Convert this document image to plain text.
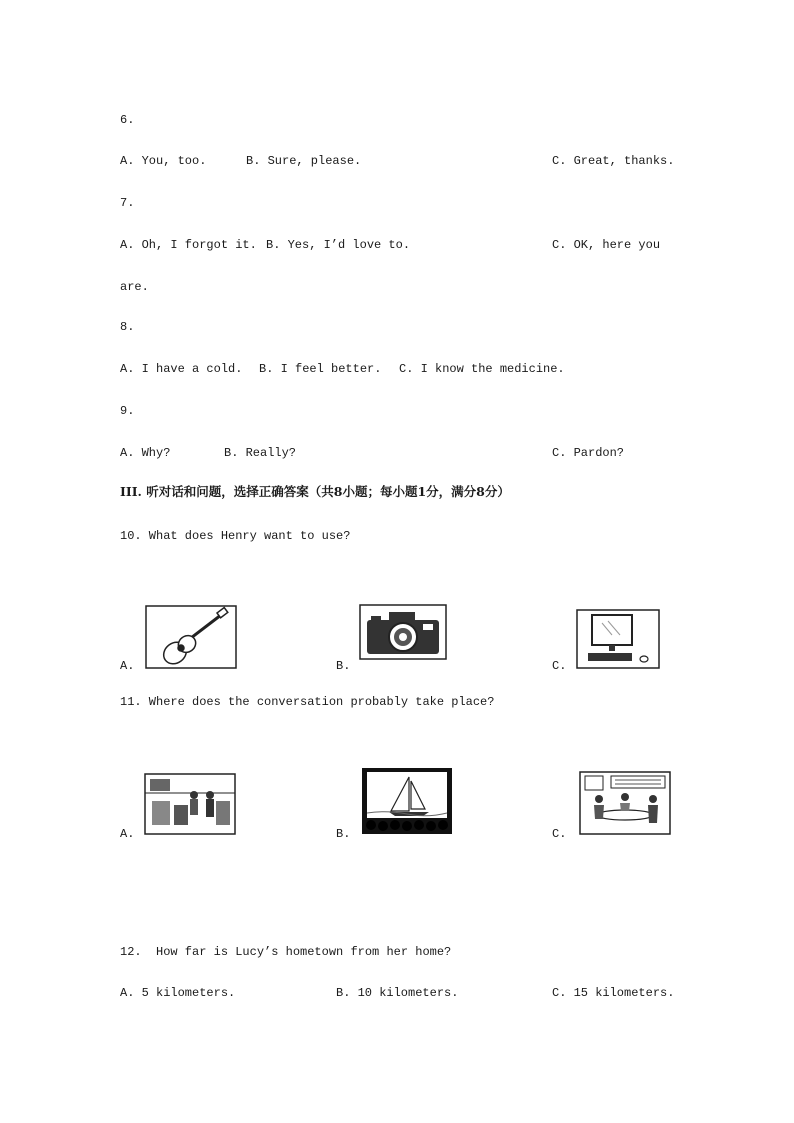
6.
A. You, too.	B. Sure, please.	C. Great, thanks.
7.
A. Oh, I forgot it. B. Yes, I’d love to.	C. OK, here you
are.
8.
A. I have a cold. B. I feel better. C. I know the medicine.
9.
A. Why?	B. Really?	C. Pardon?
III. 听对话和问题，选择正确答案（共8小题；每小题1分，满分8分）
10. What does Henry want to use?
A.	B.	C.
11. Where does the conversation probably take place?
A.	B.	C.
12.  How far is Lucy’s hometown from her home?
A. 5 kilometers.	B. 10 kilometers.	C. 15 kilometers.
